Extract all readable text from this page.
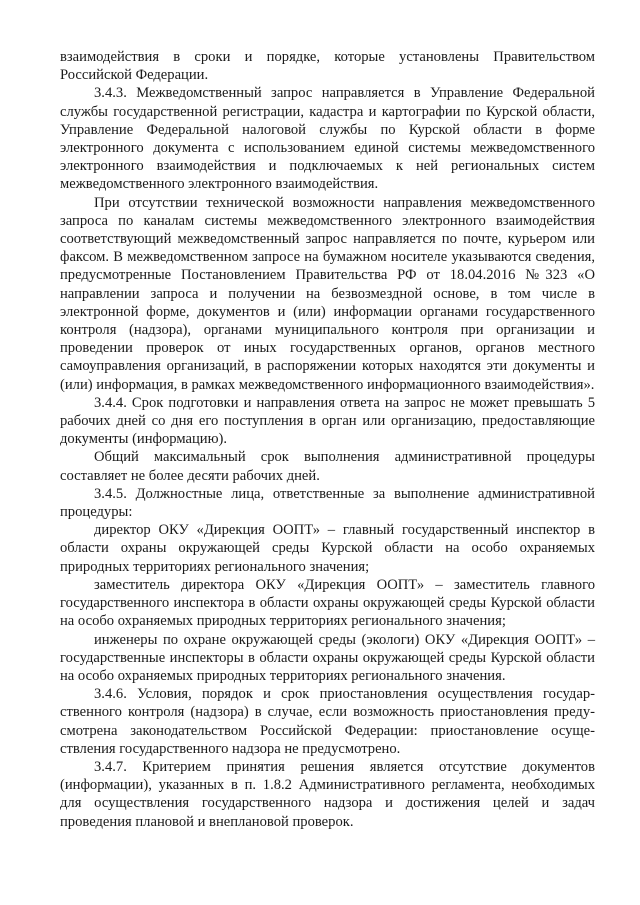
взаимодействия в сроки и порядке, которые установлены Правительством Российской Федерации.

3.4.3. Межведомственный запрос направляется в Управление Федеральной службы государственной регистрации, кадастра и картографии по Курской области, Управление Федеральной налоговой службы по Курской области в форме электронного документа с использованием единой системы межведомственного электронного взаимодействия и подключаемых к ней региональных систем межведомственного электронного взаимодействия.

При отсутствии технической возможности направления межведомственного запроса по каналам системы межведомственного электронного взаимодействия соответствующий межведомственный запрос направляется по почте, курьером или факсом. В межведомственном запросе на бумажном носителе указываются сведения, предусмотренные Постановлением Правительства РФ от 18.04.2016 №323 «О направлении запроса и получении на безвозмездной основе, в том числе в электронной форме, документов и (или) информации органами государственного контроля (надзора), органами муниципального контроля при организации и проведении проверок от иных государственных органов, органов местного самоуправления организаций, в распоряжении которых находятся эти документы и (или) информация, в рамках межведомственного информационного взаимодействия».

3.4.4. Срок подготовки и направления ответа на запрос не может превышать 5 рабочих дней со дня его поступления в орган или организацию, предоставляющие документы (информацию).

Общий максимальный срок выполнения административной процедуры составляет не более десяти рабочих дней.

3.4.5. Должностные лица, ответственные за выполнение административной процедуры:

директор ОКУ «Дирекция ООПТ» – главный государственный инспектор в области охраны окружающей среды Курской области на особо охраняемых природных территориях регионального значения;

заместитель директора ОКУ «Дирекция ООПТ» – заместитель главного государственного инспектора в области охраны окружающей среды Курской области на особо охраняемых природных территориях регионального значения;

инженеры по охране окружающей среды (экологи) ОКУ «Дирекция ООПТ» – государственные инспекторы в области охраны окружающей среды Курской области на особо охраняемых природных территориях регионального значения.

3.4.6. Условия, порядок и срок приостановления осуществления государственного контроля (надзора) в случае, если возможность приостановления предусмотрена законодательством Российской Федерации: приостановление осуществления государственного надзора не предусмотрено.

3.4.7. Критерием принятия решения является отсутствие документов (информации), указанных в п. 1.8.2 Административного регламента, необходимых для осуществления государственного надзора и достижения целей и задач проведения плановой и внеплановой проверок.
